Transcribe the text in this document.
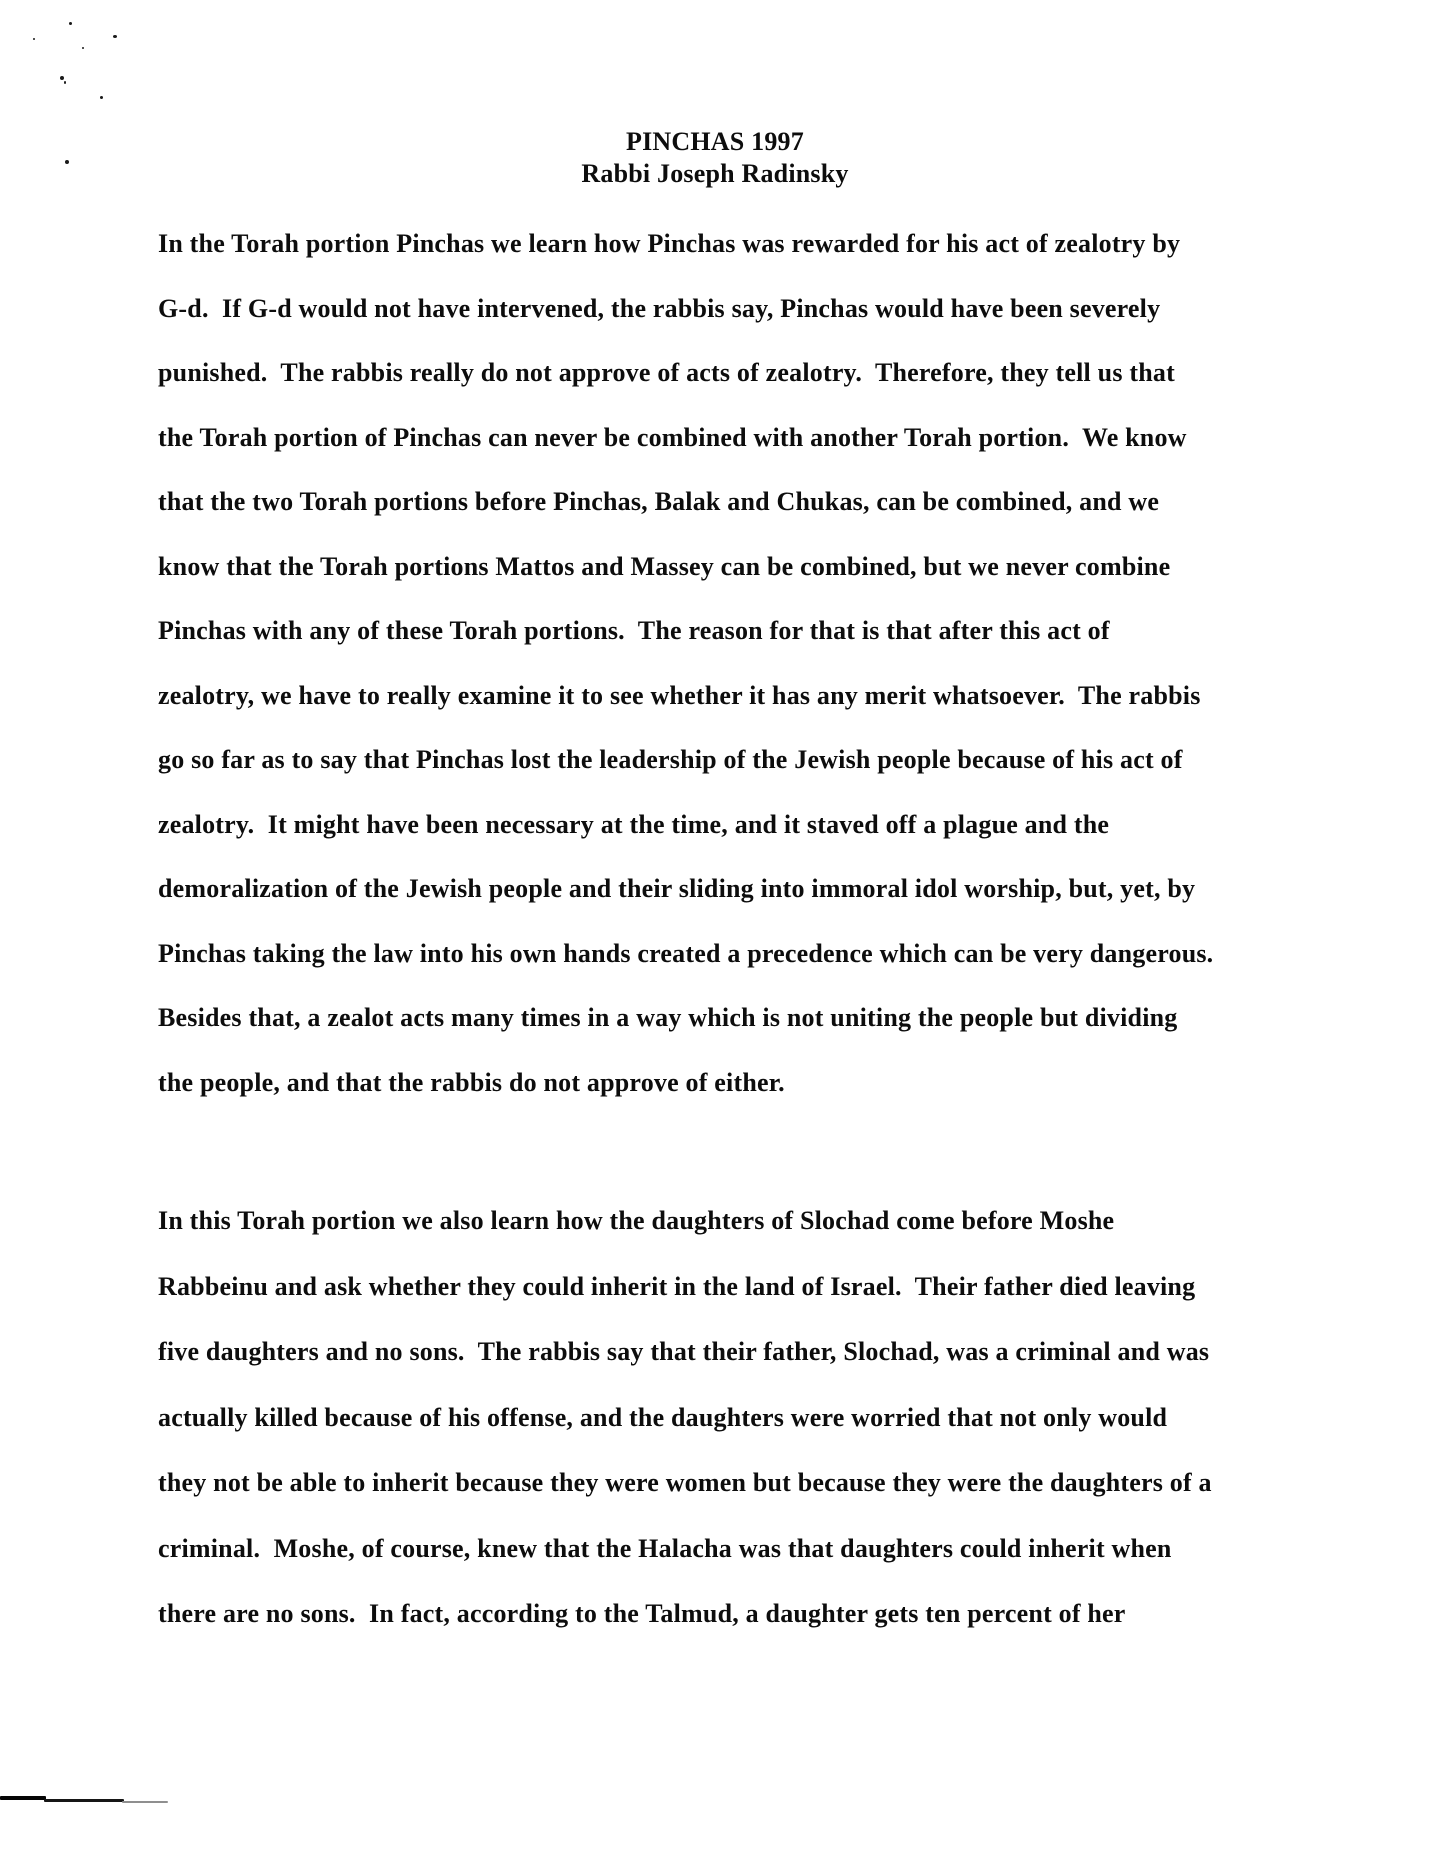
PINCHAS 1997
Rabbi Joseph Radinsky
In the Torah portion Pinchas we learn how Pinchas was rewarded for his act of zealotry by
G-d.  If G-d would not have intervened, the rabbis say, Pinchas would have been severely
punished.  The rabbis really do not approve of acts of zealotry.  Therefore, they tell us that
the Torah portion of Pinchas can never be combined with another Torah portion.  We know
that the two Torah portions before Pinchas, Balak and Chukas, can be combined, and we
know that the Torah portions Mattos and Massey can be combined, but we never combine
Pinchas with any of these Torah portions.  The reason for that is that after this act of
zealotry, we have to really examine it to see whether it has any merit whatsoever.  The rabbis
go so far as to say that Pinchas lost the leadership of the Jewish people because of his act of
zealotry.  It might have been necessary at the time, and it staved off a plague and the
demoralization of the Jewish people and their sliding into immoral idol worship, but, yet, by
Pinchas taking the law into his own hands created a precedence which can be very dangerous.
Besides that, a zealot acts many times in a way which is not uniting the people but dividing
the people, and that the rabbis do not approve of either.
In this Torah portion we also learn how the daughters of Slochad come before Moshe
Rabbeinu and ask whether they could inherit in the land of Israel.  Their father died leaving
five daughters and no sons.  The rabbis say that their father, Slochad, was a criminal and was
actually killed because of his offense, and the daughters were worried that not only would
they not be able to inherit because they were women but because they were the daughters of a
criminal.  Moshe, of course, knew that the Halacha was that daughters could inherit when
there are no sons.  In fact, according to the Talmud, a daughter gets ten percent of her
